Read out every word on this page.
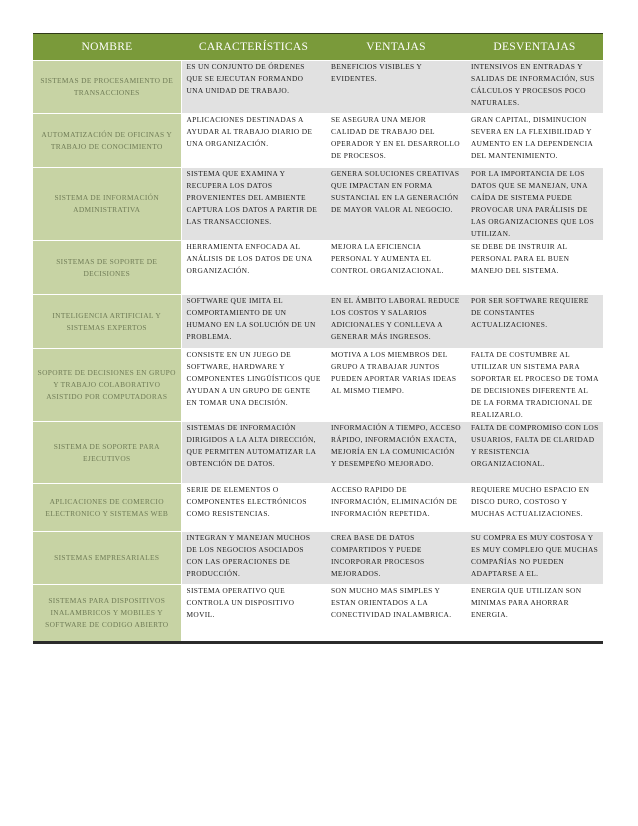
NOMBRE	CARACTERÍSTICAS	VENTAJAS	DESVENTAJAS
SISTEMAS DE PROCESAMIENTO DE TRANSACCIONES	ES UN CONJUNTO DE ÓRDENES QUE SE EJECUTAN FORMANDO UNA UNIDAD DE TRABAJO.	BENEFICIOS VISIBLES Y EVIDENTES.	INTENSIVOS EN ENTRADAS Y SALIDAS DE INFORMACIÓN, SUS CÁLCULOS Y PROCESOS POCO NATURALES.
AUTOMATIZACIÓN DE OFICINAS Y TRABAJO DE CONOCIMIENTO	APLICACIONES DESTINADAS A AYUDAR AL TRABAJO DIARIO DE UNA ORGANIZACIÓN.	SE ASEGURA UNA MEJOR CALIDAD DE TRABAJO DEL OPERADOR Y EN EL DESARROLLO DE PROCESOS.	GRAN CAPITAL, DISMINUCION SEVERA EN LA FLEXIBILIDAD Y AUMENTO EN LA DEPENDENCIA DEL MANTENIMIENTO.
SISTEMA DE INFORMACIÓN ADMINISTRATIVA	SISTEMA QUE EXAMINA Y RECUPERA LOS DATOS PROVENIENTES DEL AMBIENTE CAPTURA LOS DATOS A PARTIR DE LAS TRANSACCIONES.	GENERA SOLUCIONES CREATIVAS QUE IMPACTAN EN FORMA SUSTANCIAL EN LA GENERACIÓN DE MAYOR VALOR AL NEGOCIO.	POR LA IMPORTANCIA DE LOS DATOS QUE SE MANEJAN, UNA CAÍDA DE SISTEMA PUEDE PROVOCAR UNA PARÁLISIS DE LAS ORGANIZACIONES QUE LOS UTILIZAN.
SISTEMAS DE SOPORTE DE DECISIONES	HERRAMIENTA ENFOCADA AL ANÁLISIS DE LOS DATOS DE UNA ORGANIZACIÓN.	MEJORA LA EFICIENCIA PERSONAL Y AUMENTA EL CONTROL ORGANIZACIONAL.	SE DEBE DE INSTRUIR AL PERSONAL PARA EL BUEN MANEJO DEL SISTEMA.
INTELIGENCIA ARTIFICIAL Y SISTEMAS EXPERTOS	SOFTWARE QUE IMITA EL COMPORTAMIENTO DE UN HUMANO EN LA SOLUCIÓN DE UN PROBLEMA.	EN EL ÁMBITO LABORAL REDUCE LOS COSTOS Y SALARIOS ADICIONALES Y CONLLEVA A GENERAR MÁS INGRESOS.	POR SER SOFTWARE REQUIERE DE CONSTANTES ACTUALIZACIONES.
SOPORTE DE DECISIONES EN GRUPO Y TRABAJO COLABORATIVO ASISTIDO POR COMPUTADORAS	CONSISTE EN UN JUEGO DE SOFTWARE, HARDWARE Y COMPONENTES LINGÜÍSTICOS QUE AYUDAN A UN GRUPO DE GENTE EN TOMAR UNA DECISIÓN.	MOTIVA A LOS MIEMBROS DEL GRUPO A TRABAJAR JUNTOS PUEDEN APORTAR VARIAS IDEAS AL MISMO TIEMPO.	FALTA DE COSTUMBRE AL UTILIZAR UN SISTEMA PARA SOPORTAR EL PROCESO DE TOMA DE DECISIONES DIFERENTE AL DE LA FORMA TRADICIONAL DE REALIZARLO.
SISTEMA DE SOPORTE PARA EJECUTIVOS	SISTEMAS DE INFORMACIÓN DIRIGIDOS A LA ALTA DIRECCIÓN, QUE PERMITEN AUTOMATIZAR LA OBTENCIÓN DE DATOS.	INFORMACIÓN A TIEMPO, ACCESO RÁPIDO, INFORMACIÓN EXACTA, MEJORÍA EN LA COMUNICACIÓN Y DESEMPEÑO MEJORADO.	FALTA DE COMPROMISO CON LOS USUARIOS, FALTA DE CLARIDAD Y RESISTENCIA ORGANIZACIONAL.
APLICACIONES DE COMERCIO ELECTRONICO Y SISTEMAS WEB	SERIE DE ELEMENTOS O COMPONENTES ELECTRÓNICOS COMO RESISTENCIAS.	ACCESO RAPIDO DE INFORMACIÓN, ELIMINACIÓN DE INFORMACIÓN REPETIDA.	REQUIERE MUCHO ESPACIO EN DISCO DURO, COSTOSO Y MUCHAS ACTUALIZACIONES.
SISTEMAS EMPRESARIALES	INTEGRAN Y MANEJAN MUCHOS DE LOS NEGOCIOS ASOCIADOS CON LAS OPERACIONES DE PRODUCCIÓN.	CREA BASE DE DATOS COMPARTIDOS Y PUEDE INCORPORAR PROCESOS MEJORADOS.	SU COMPRA ES MUY COSTOSA Y ES MUY COMPLEJO QUE MUCHAS COMPAÑÍAS NO PUEDEN ADAPTARSE A EL.
SISTEMAS PARA DISPOSITIVOS INALAMBRICOS Y MOBILES Y SOFTWARE DE CODIGO ABIERTO	SISTEMA OPERATIVO QUE CONTROLA UN DISPOSITIVO MOVIL.	SON MUCHO MAS SIMPLES Y ESTAN ORIENTADOS A LA CONECTIVIDAD INALAMBRICA.	ENERGIA QUE UTILIZAN SON MINIMAS PARA AHORRAR ENERGIA.
